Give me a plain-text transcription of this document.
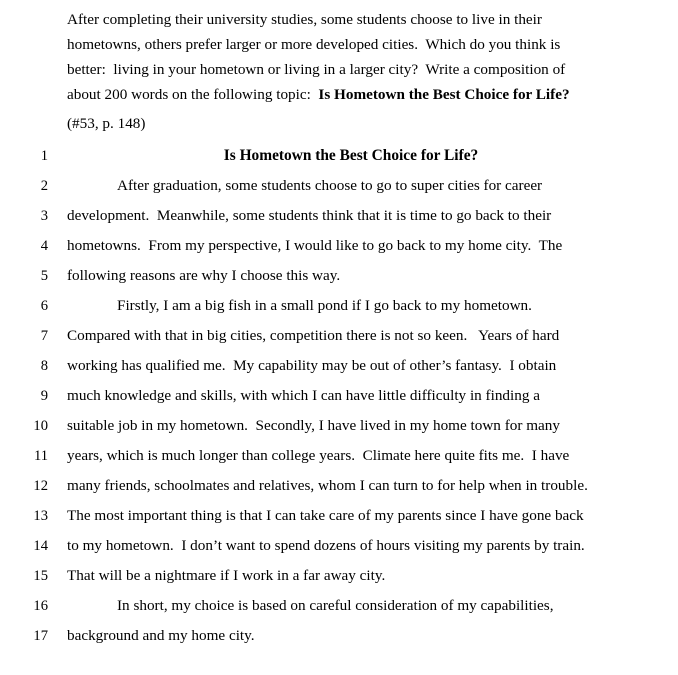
After completing their university studies, some students choose to live in their
hometowns, others prefer larger or more developed cities.  Which do you think is
better:  living in your hometown or living in a larger city?  Write a composition of
about 200 words on the following topic:  Is Hometown the Best Choice for Life?
(#53, p. 148)
1	Is Hometown the Best Choice for Life?
2	After graduation, some students choose to go to super cities for career
3 development.  Meanwhile, some students think that it is time to go back to their
4 hometowns.  From my perspective, I would like to go back to my home city.  The
5 following reasons are why I choose this way.
6	Firstly, I am a big fish in a small pond if I go back to my hometown.
7 Compared with that in big cities, competition there is not so keen.   Years of hard
8 working has qualified me.  My capability may be out of other’s fantasy.  I obtain
9 much knowledge and skills, with which I can have little difficulty in finding a
10 suitable job in my hometown.  Secondly, I have lived in my home town for many
11 years, which is much longer than college years.  Climate here quite fits me.  I have
12 many friends, schoolmates and relatives, whom I can turn to for help when in trouble.
13 The most important thing is that I can take care of my parents since I have gone back
14 to my hometown.  I don’t want to spend dozens of hours visiting my parents by train.
15 That will be a nightmare if I work in a far away city.
16	In short, my choice is based on careful consideration of my capabilities,
17 background and my home city.
